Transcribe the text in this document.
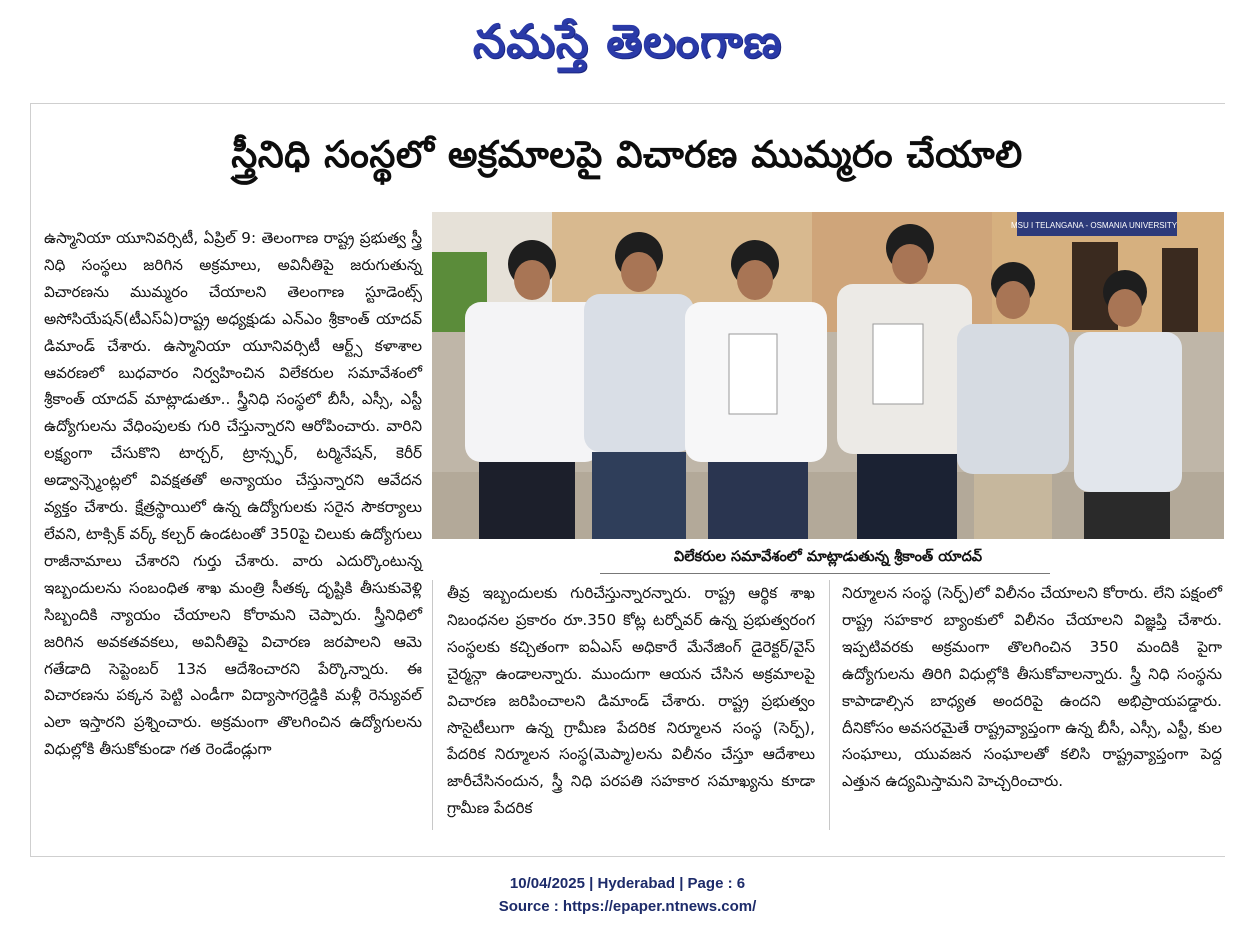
నమస్తే తెలంగాణ
స్త్రీనిధి సంస్థలో అక్రమాలపై విచారణ ముమ్మరం చేయాలి

ఉస్మానియా యూనివర్సిటీ, ఏప్రిల్ 9: తెలంగాణ రాష్ట్ర ప్రభుత్వ స్త్రీ నిధి సంస్థలు జరిగిన అక్రమాలు, అవినీతిపై జరుగుతున్న విచారణను ముమ్మరం చేయాలని తెలంగాణ స్టూడెంట్స్ అసోసియేషన్(టీఎస్ఏ)రాష్ట్ర అధ్యక్షుడు ఎన్ఎం శ్రీకాంత్ యాదవ్ డిమాండ్ చేశారు. ఉస్మానియా యూనివర్సిటీ ఆర్ట్స్ కళాశాల ఆవరణలో బుధవారం నిర్వహించిన విలేకరుల సమావేశంలో శ్రీకాంత్ యాదవ్ మాట్లాడుతూ.. స్త్రీనిధి సంస్థలో బీసీ, ఎస్సీ, ఎస్టీ ఉద్యోగులను వేధింపులకు గురి చేస్తున్నారని ఆరోపించారు. వారిని లక్ష్యంగా చేసుకొని టార్చర్, ట్రాన్స్ఫర్, టర్మినేషన్, కెరీర్ అడ్వాన్స్మెంట్లలో వివక్షతతో అన్యాయం చేస్తున్నారని ఆవేదన వ్యక్తం చేశారు. క్షేత్రస్థాయిలో ఉన్న ఉద్యోగులకు సరైన సౌకర్యాలు లేవని, టాక్సిక్ వర్క్ కల్చర్ ఉండటంతో 350పై చిలుకు ఉద్యోగులు రాజీనామాలు చేశారని గుర్తు చేశారు. వారు ఎదుర్కొంటున్న ఇబ్బందులను సంబంధిత శాఖ మంత్రి సీతక్క దృష్టికి తీసుకువెళ్లి సిబ్బందికి న్యాయం చేయాలని కోరామని చెప్పారు. స్త్రీనిధిలో జరిగిన అవకతవకలు, అవినీతిపై విచారణ జరపాలని ఆమె గతేడాది సెప్టెంబర్ 13న ఆదేశించారని పేర్కొన్నారు. ఈ విచారణను పక్కన పెట్టి ఎండీగా విద్యాసాగర్రెడ్డికి మళ్లీ రెన్యువల్ ఎలా ఇస్తారని ప్రశ్నించారు. అక్రమంగా తొలగించిన ఉద్యోగులను విధుల్లోకి తీసుకోకుండా గత రెండేండ్లుగా

MSU I TELANGANA - OSMANIA UNIVERSITY
విలేకరుల సమావేశంలో మాట్లాడుతున్న శ్రీకాంత్ యాదవ్

తీవ్ర ఇబ్బందులకు గురిచేస్తున్నారన్నారు. రాష్ట్ర ఆర్థిక శాఖ నిబంధనల ప్రకారం రూ.350 కోట్ల టర్నోవర్ ఉన్న ప్రభుత్వరంగ సంస్థలకు కచ్చితంగా ఐఏఎస్ అధికారే మేనేజింగ్ డైరెక్టర్/వైస్ చైర్మన్గా ఉండాలన్నారు. ముందుగా ఆయన చేసిన అక్రమాలపై విచారణ జరిపించాలని డిమాండ్ చేశారు. రాష్ట్ర ప్రభుత్వం సొసైటీలుగా ఉన్న గ్రామీణ పేదరిక నిర్మూలన సంస్థ (సెర్ప్), పేదరిక నిర్మూలన సంస్థ(మెప్మా)లను విలీనం చేస్తూ ఆదేశాలు జారీచేసినందున, స్త్రీ నిధి పరపతి సహకార సమాఖ్యను కూడా గ్రామీణ పేదరిక

నిర్మూలన సంస్థ (సెర్ప్)లో విలీనం చేయాలని కోరారు. లేని పక్షంలో రాష్ట్ర సహకార బ్యాంకులో విలీనం చేయాలని విజ్ఞప్తి చేశారు. ఇప్పటివరకు అక్రమంగా తొలగించిన 350 మందికి పైగా ఉద్యోగులను తిరిగి విధుల్లోకి తీసుకోవాలన్నారు. స్త్రీ నిధి సంస్థను కాపాడాల్సిన బాధ్యత అందరిపై ఉందని అభిప్రాయపడ్డారు. దీనికోసం అవసరమైతే రాష్ట్రవ్యాప్తంగా ఉన్న బీసీ, ఎస్సీ, ఎస్టీ, కుల సంఘాలు, యువజన సంఘాలతో కలిసి రాష్ట్రవ్యాప్తంగా పెద్ద ఎత్తున ఉద్యమిస్తామని హెచ్చరించారు.

10/04/2025 | Hyderabad | Page : 6
Source : https://epaper.ntnews.com/
